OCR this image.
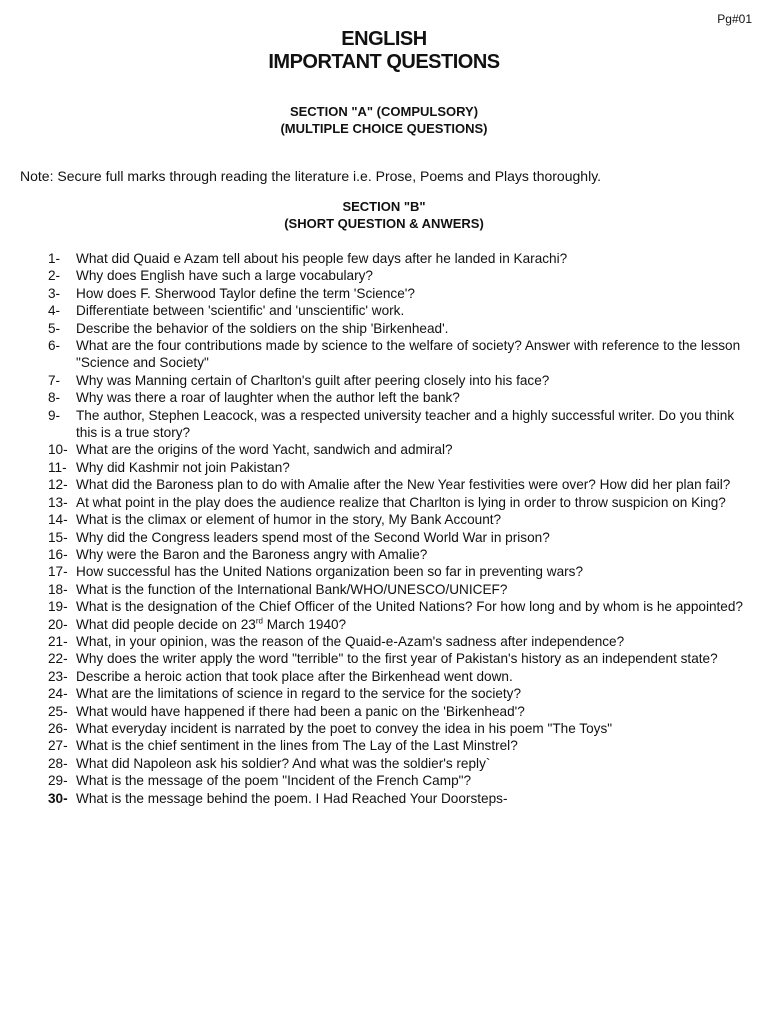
Pg#01
ENGLISH
IMPORTANT QUESTIONS
SECTION "A" (COMPULSORY)
(MULTIPLE CHOICE QUESTIONS)
Note: Secure full marks through reading the literature i.e. Prose, Poems and Plays thoroughly.
SECTION "B"
(SHORT QUESTION & ANWERS)
1-	What did Quaid e Azam tell about his people few days after he landed in Karachi?
2-	Why does English have such a large vocabulary?
3-	How does F. Sherwood Taylor define the term 'Science'?
4-	Differentiate between 'scientific' and 'unscientific' work.
5-	Describe the behavior of the soldiers on the ship 'Birkenhead'.
6-	What are the four contributions made by science to the welfare of society? Answer with reference to the lesson "Science and Society"
7-	Why was Manning certain of Charlton's guilt after peering closely into his face?
8-	Why was there a roar of laughter when the author left the bank?
9-	The author, Stephen Leacock, was a respected university teacher and a highly successful writer. Do you think this is a true story?
10- What are the origins of the word Yacht, sandwich and admiral?
11- Why did Kashmir not join Pakistan?
12- What did the Baroness plan to do with Amalie after the New Year festivities were over? How did her plan fail?
13- At what point in the play does the audience realize that Charlton is lying in order to throw suspicion on King?
14- What is the climax or element of humor in the story, My Bank Account?
15- Why did the Congress leaders spend most of the Second World War in prison?
16- Why were the Baron and the Baroness angry with Amalie?
17- How successful has the United Nations organization been so far in preventing wars?
18- What is the function of the International Bank/WHO/UNESCO/UNICEF?
19- What is the designation of the Chief Officer of the United Nations? For how long and by whom is he appointed?
20- What did people decide on 23rd March 1940?
21- What, in your opinion, was the reason of the Quaid-e-Azam's sadness after independence?
22- Why does the writer apply the word "terrible" to the first year of Pakistan's history as an independent state?
23- Describe a heroic action that took place after the Birkenhead went down.
24- What are the limitations of science in regard to the service for the society?
25- What would have happened if there had been a panic on the 'Birkenhead'?
26- What everyday incident is narrated by the poet to convey the idea in his poem "The Toys"
27- What is the chief sentiment in the lines from The Lay of the Last Minstrel?
28- What did Napoleon ask his soldier? And what was the soldier's reply`
29- What is the message of the poem "Incident of the French Camp"?
30- What is the message behind the poem. I Had Reached Your Doorsteps-
